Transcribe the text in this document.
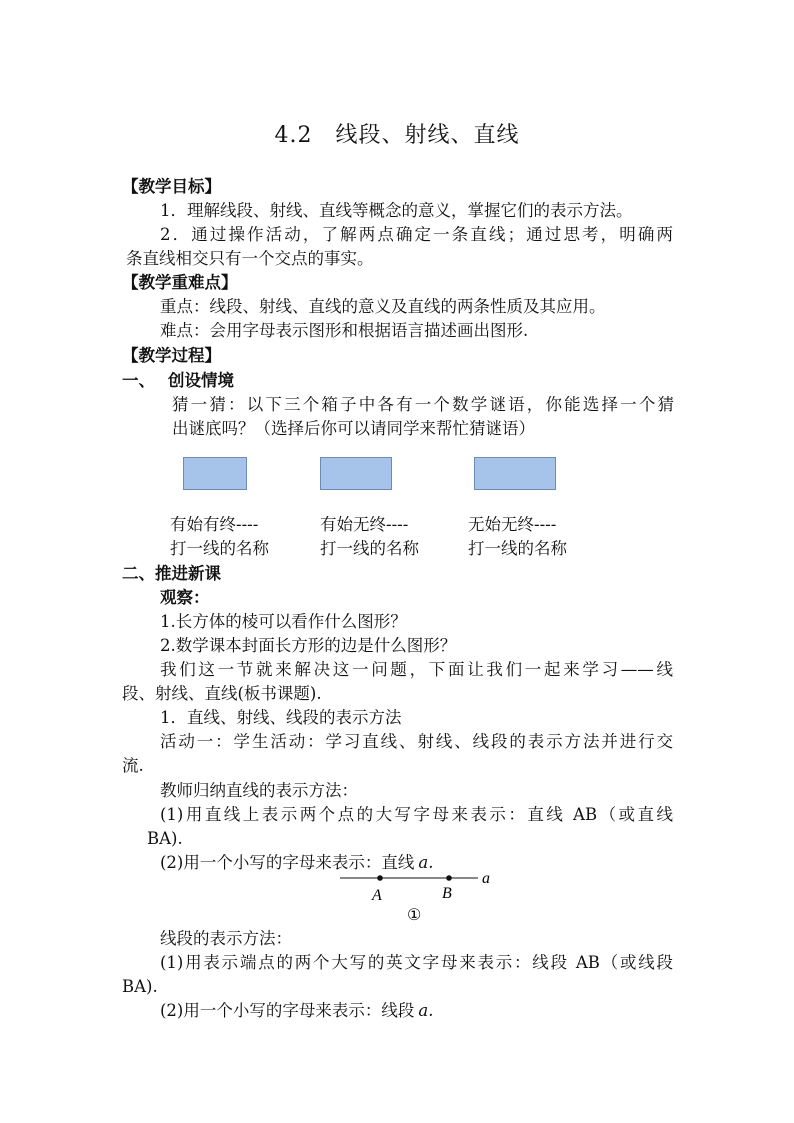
4.2　线段、射线、直线
【教学目标】
1．理解线段、射线、直线等概念的意义，掌握它们的表示方法。
2．通过操作活动，了解两点确定一条直线；通过思考，明确两
条直线相交只有一个交点的事实。
【教学重难点】
重点：线段、射线、直线的意义及直线的两条性质及其应用。
难点：会用字母表示图形和根据语言描述画出图形.
【教学过程】
一、 创设情境
猜一猜：以下三个箱子中各有一个数学谜语，你能选择一个猜
出谜底吗？（选择后你可以请同学来帮忙猜谜语）
有始有终----
打一线的名称
有始无终----
打一线的名称
无始无终----
打一线的名称
二、推进新课
观察：
1.长方体的棱可以看作什么图形？
2.数学课本封面长方形的边是什么图形？
我们这一节就来解决这一问题，下面让我们一起来学习——线
段、射线、直线(板书课题).
1．直线、射线、线段的表示方法
活动一：学生活动：学习直线、射线、线段的表示方法并进行交
流.
教师归纳直线的表示方法：
(1)用直线上表示两个点的大写字母来表示：直线 AB（或直线
BA).
(2)用一个小写的字母来表示：直线 a.
A	B
a
①
线段的表示方法：
(1)用表示端点的两个大写的英文字母来表示：线段 AB（或线段
BA).
(2)用一个小写的字母来表示：线段 a.
